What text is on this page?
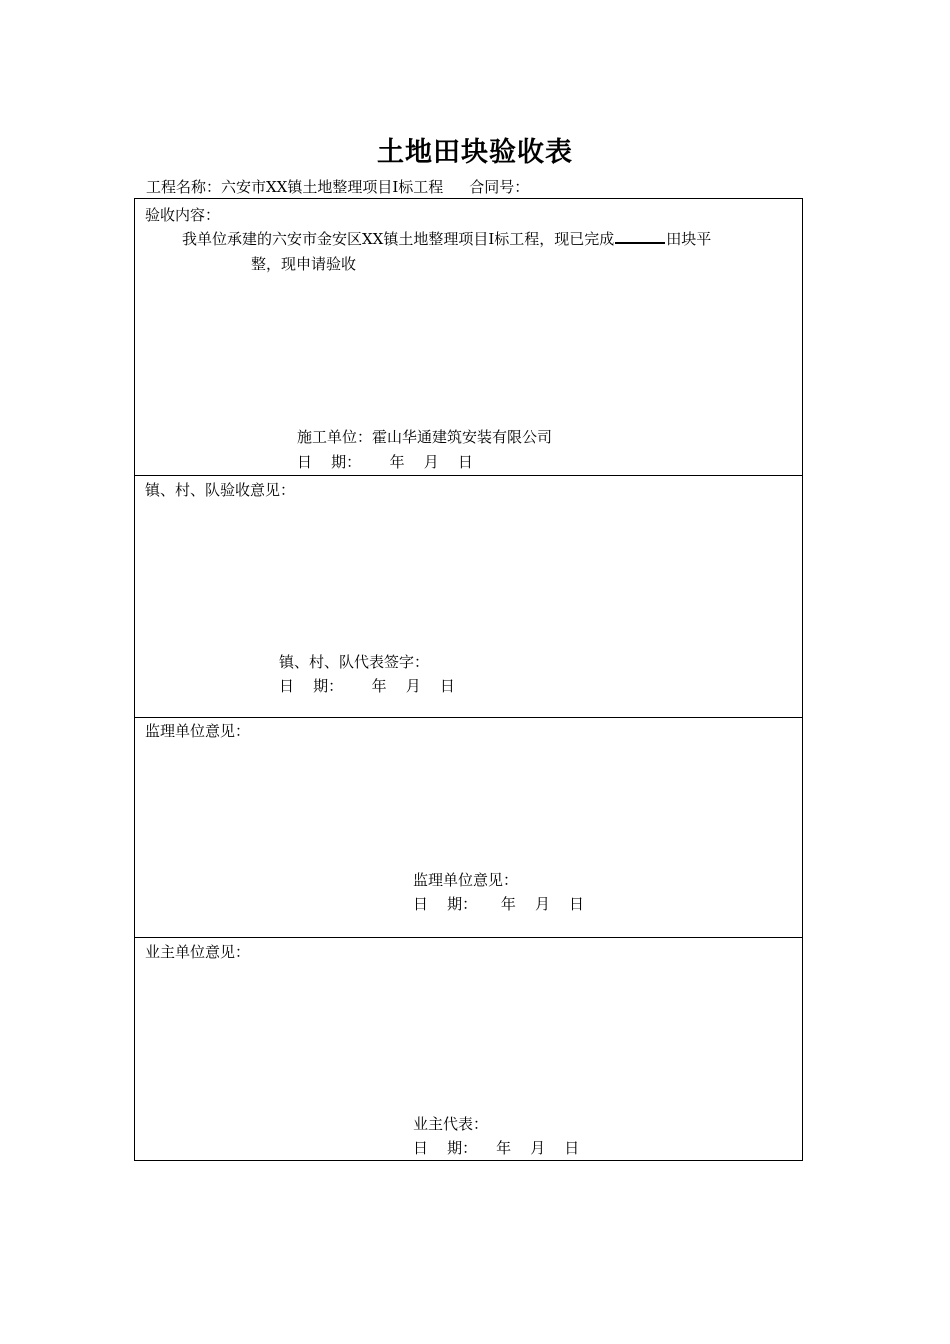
土地田块验收表
工程名称：六安市XX镇土地整理项目I标工程 合同号：
验收内容：
我单位承建的六安市金安区XX镇土地整理项目I标工程，现已完成	田块平
整，现申请验收
施工单位：霍山华通建筑安装有限公司
日    期：      年    月    日
镇、村、队验收意见：
镇、村、队代表签字：
日    期：      年    月    日
监理单位意见：
监理单位意见：
日    期：     年    月    日
业主单位意见：
业主代表：
日    期：    年    月    日
